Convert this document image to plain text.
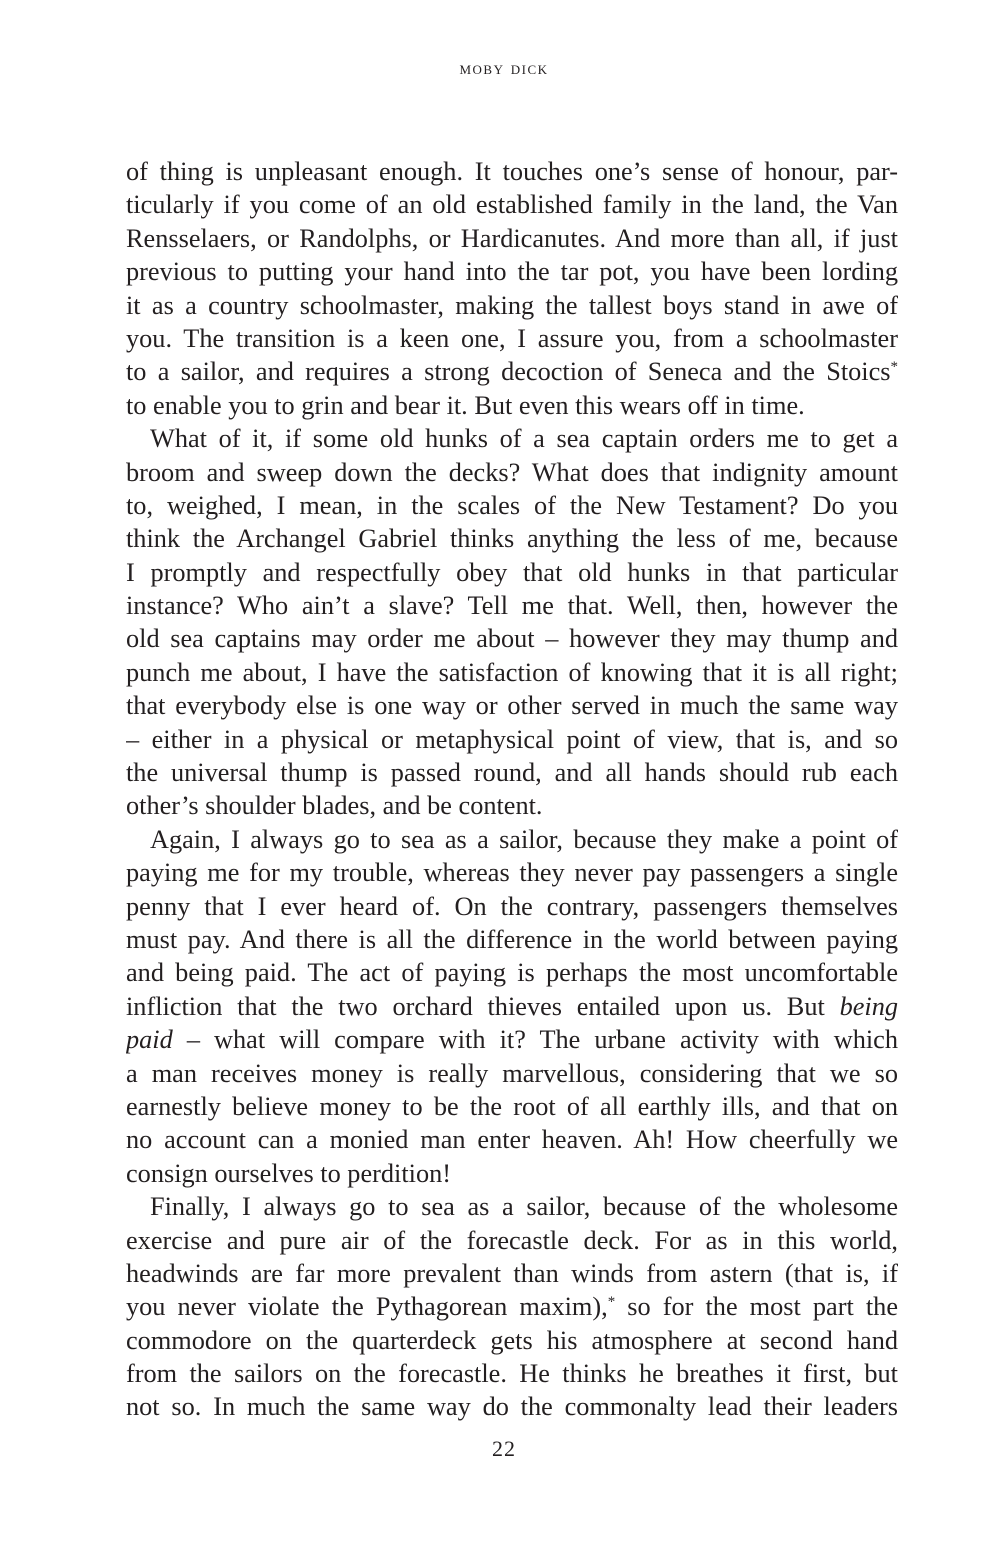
moby dick
of thing is unpleasant enough. It touches one’s sense of honour, par-
ticularly if you come of an old established family in the land, the Van
Rensselaers, or Randolphs, or Hardicanutes. And more than all, if just
previous to putting your hand into the tar pot, you have been lording
it as a country schoolmaster, making the tallest boys stand in awe of
you. The transition is a keen one, I assure you, from a schoolmaster
to a sailor, and requires a strong decoction of Seneca and the Stoics*
to enable you to grin and bear it. But even this wears off in time.
What of it, if some old hunks of a sea captain orders me to get a
broom and sweep down the decks? What does that indignity amount
to, weighed, I mean, in the scales of the New Testament? Do you
think the Archangel Gabriel thinks anything the less of me, because
I promptly and respectfully obey that old hunks in that particular
instance? Who ain’t a slave? Tell me that. Well, then, however the
old sea captains may order me about – however they may thump and
punch me about, I have the satisfaction of knowing that it is all right;
that everybody else is one way or other served in much the same way
– either in a physical or metaphysical point of view, that is, and so
the universal thump is passed round, and all hands should rub each
other’s shoulder blades, and be content.
Again, I always go to sea as a sailor, because they make a point of
paying me for my trouble, whereas they never pay passengers a single
penny that I ever heard of. On the contrary, passengers themselves
must pay. And there is all the difference in the world between paying
and being paid. The act of paying is perhaps the most uncomfortable
infliction that the two orchard thieves entailed upon us. But being
paid – what will compare with it? The urbane activity with which
a man receives money is really marvellous, considering that we so
earnestly believe money to be the root of all earthly ills, and that on
no account can a monied man enter heaven. Ah! How cheerfully we
consign ourselves to perdition!
Finally, I always go to sea as a sailor, because of the wholesome
exercise and pure air of the forecastle deck. For as in this world,
headwinds are far more prevalent than winds from astern (that is, if
you never violate the Pythagorean maxim),* so for the most part the
commodore on the quarterdeck gets his atmosphere at second hand
from the sailors on the forecastle. He thinks he breathes it first, but
not so. In much the same way do the commonalty lead their leaders
22
